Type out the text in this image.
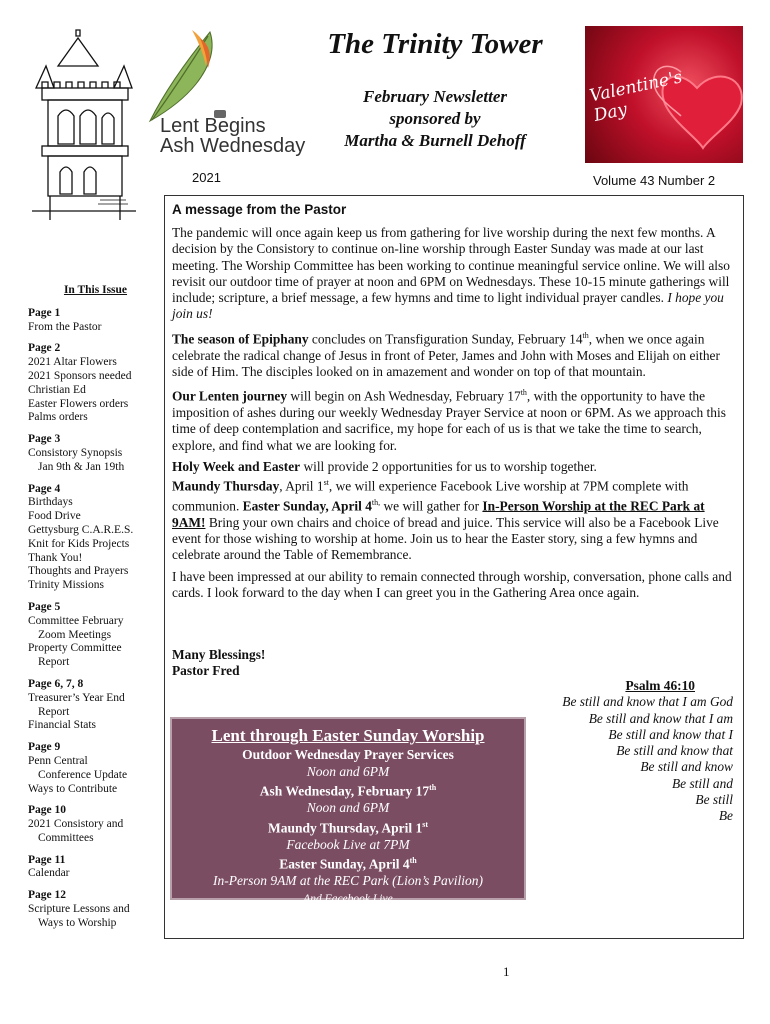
Lent Begins
Ash Wednesday
The Trinity Tower
February Newsletter
sponsored by
Martha & Burnell Dehoff
Valentine's Day
2021	Volume 43 Number 2
In This Issue
Page 1
From the Pastor
Page 2
2021 Altar Flowers
2021 Sponsors needed
Christian Ed
Easter Flowers orders
Palms orders
Page 3
Consistory Synopsis
Jan 9th & Jan 19th
Page 4
Birthdays
Food Drive
Gettysburg C.A.R.E.S.
Knit for Kids Projects
Thank You!
Thoughts and Prayers
Trinity Missions
Page 5
Committee February
Zoom Meetings
Property Committee
Report
Page 6, 7, 8
Treasurer’s Year End
Report
Financial Stats
Page 9
Penn Central
Conference Update
Ways to Contribute
Page 10
2021 Consistory and
Committees
Page 11
Calendar
Page 12
Scripture Lessons and
Ways to Worship
A message from the Pastor

The pandemic will once again keep us from gathering for live worship during the next few months. A decision by the Consistory to continue on-line worship through Easter Sunday was made at our last meeting. The Worship Committee has been working to continue meaningful service online. We will also revisit our outdoor time of prayer at noon and 6PM on Wednesdays. These 10-15 minute gatherings will include; scripture, a brief message, a few hymns and time to light individual prayer candles. I hope you join us!

The season of Epiphany concludes on Transfiguration Sunday, February 14th, when we once again celebrate the radical change of Jesus in front of Peter, James and John with Moses and Elijah on either side of Him. The disciples looked on in amazement and wonder on top of that mountain.

Our Lenten journey will begin on Ash Wednesday, February 17th, with the opportunity to have the imposition of ashes during our weekly Wednesday Prayer Service at noon or 6PM. As we approach this time of deep contemplation and sacrifice, my hope for each of us is that we take the time to search, explore, and find what we are looking for.

Holy Week and Easter will provide 2 opportunities for us to worship together.
Maundy Thursday, April 1st, we will experience Facebook Live worship at 7PM complete with communion. Easter Sunday, April $4^{th,}$ we will gather for In-Person Worship at the REC Park at 9AM! Bring your own chairs and choice of bread and juice. This service will also be a Facebook Live event for those wishing to worship at home. Join us to hear the Easter story, sing a few hymns and celebrate around the Table of Remembrance.

I have been impressed at our ability to remain connected through worship, conversation, phone calls and cards. I look forward to the day when I can greet you in the Gathering Area once again.

Many Blessings!
Pastor Fred
Psalm 46:10
Be still and know that I am God
Be still and know that I am
Be still and know that I
Be still and know that
Be still and know
Be still and
Be still
Be
Lent through Easter Sunday Worship
Outdoor Wednesday Prayer Services
Noon and 6PM
Ash Wednesday, February 17th
Noon and 6PM
Maundy Thursday, April 1st
Facebook Live at 7PM
Easter Sunday, April 4th
In-Person 9AM at the REC Park (Lion’s Pavilion)
And Facebook Live
1
